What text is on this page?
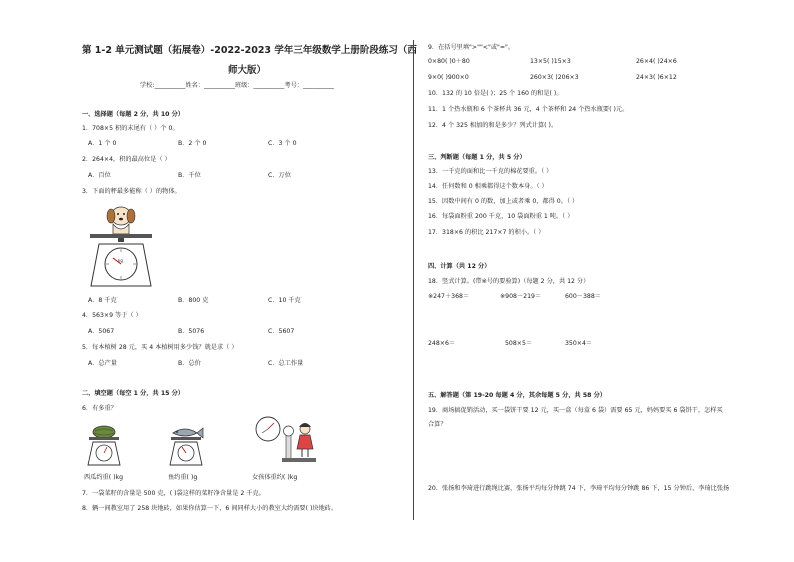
第 1-2 单元测试题（拓展卷）-2022-2023 学年三年级数学上册阶段练习（西
师大版）
学校:__________姓名：__________班级：__________考号：__________
一、选择题（每题 2 分，共 10 分）
1．708×5 积的末尾有（ ）个 0。
A．1 个 0	B．2 个 0	C．3 个 0
2．264×4，积的最高位是（ ）
A．百位	B．千位	C．万位
3．下面的秤最多能称（ ）的物体。
kg
A．8 千克	B．800 克	C．10 千克
4．563×9 等于（ ）
A．5067	B．5076	C．5607
5．每本植树 28 元，买 4 本植树用多少钱？就是求（ ）
A．总产量	B．总价	C．总工作量
二、填空题（每空 1 分，共 15 分）
6．有多重？
西瓜约重( )kg	鱼约重( )g	女孩体重约( )kg
7．一袋菜籽的含量是 500 克，( )袋这样的菜籽净含量是 2 千克。
8．辆一间教室用了 258 块地砖，如果你估算一下，6 间同样大小的教室大约需要( )块地砖。
9．在括号里填">""<"或"="。
0×80( )0＋80	13×5( )15×3	26×4( )24×6
9×0( )900×0	260×3( )206×3	24×3( )6×12
10．132 的 10 倍是( )；25 个 160 的和是( )。
11．1 个热水瓶和 6 个茶杯共 36 元，4 个茶杯和 24 个热水瓶要( )元。
12．4 个 325 相加的和是多少？列式计算( )。
三、判断题（每题 1 分，共 5 分）
13．一千克的面和比一千克的棉花要重。（ ）
14．任何数和 0 相乘都得这个数本身。（ ）
15．因数中间有 0 的数，加上或者乘 0，都得 0。（ ）
16．每袋面粉重 200 千克，10 袋面粉重 1 吨。（ ）
17．318×6 的积比 217×7 的积小。（ ）
四、计算（共 12 分）
18．竖式计算。(带※号的要验算)（每题 2 分，共 12 分）
※247＋368＝	※908－219＝	600－388＝
248×6＝	508×5＝	350×4＝
五、解答题（第 19-20 每题 4 分，其余每题 5 分，共 58 分）
19．商场搞促销活动，买一袋饼干要 12 元，买一盒（每盒 6 袋）需要 65 元，妈妈要买 6 袋饼干，怎样买
合算？
20．张扬和李琦进行跳绳比赛，张扬平均每分钟跳 74 下，李琦平均每分钟跳 86 下，15 分钟后，李琦比张扬
